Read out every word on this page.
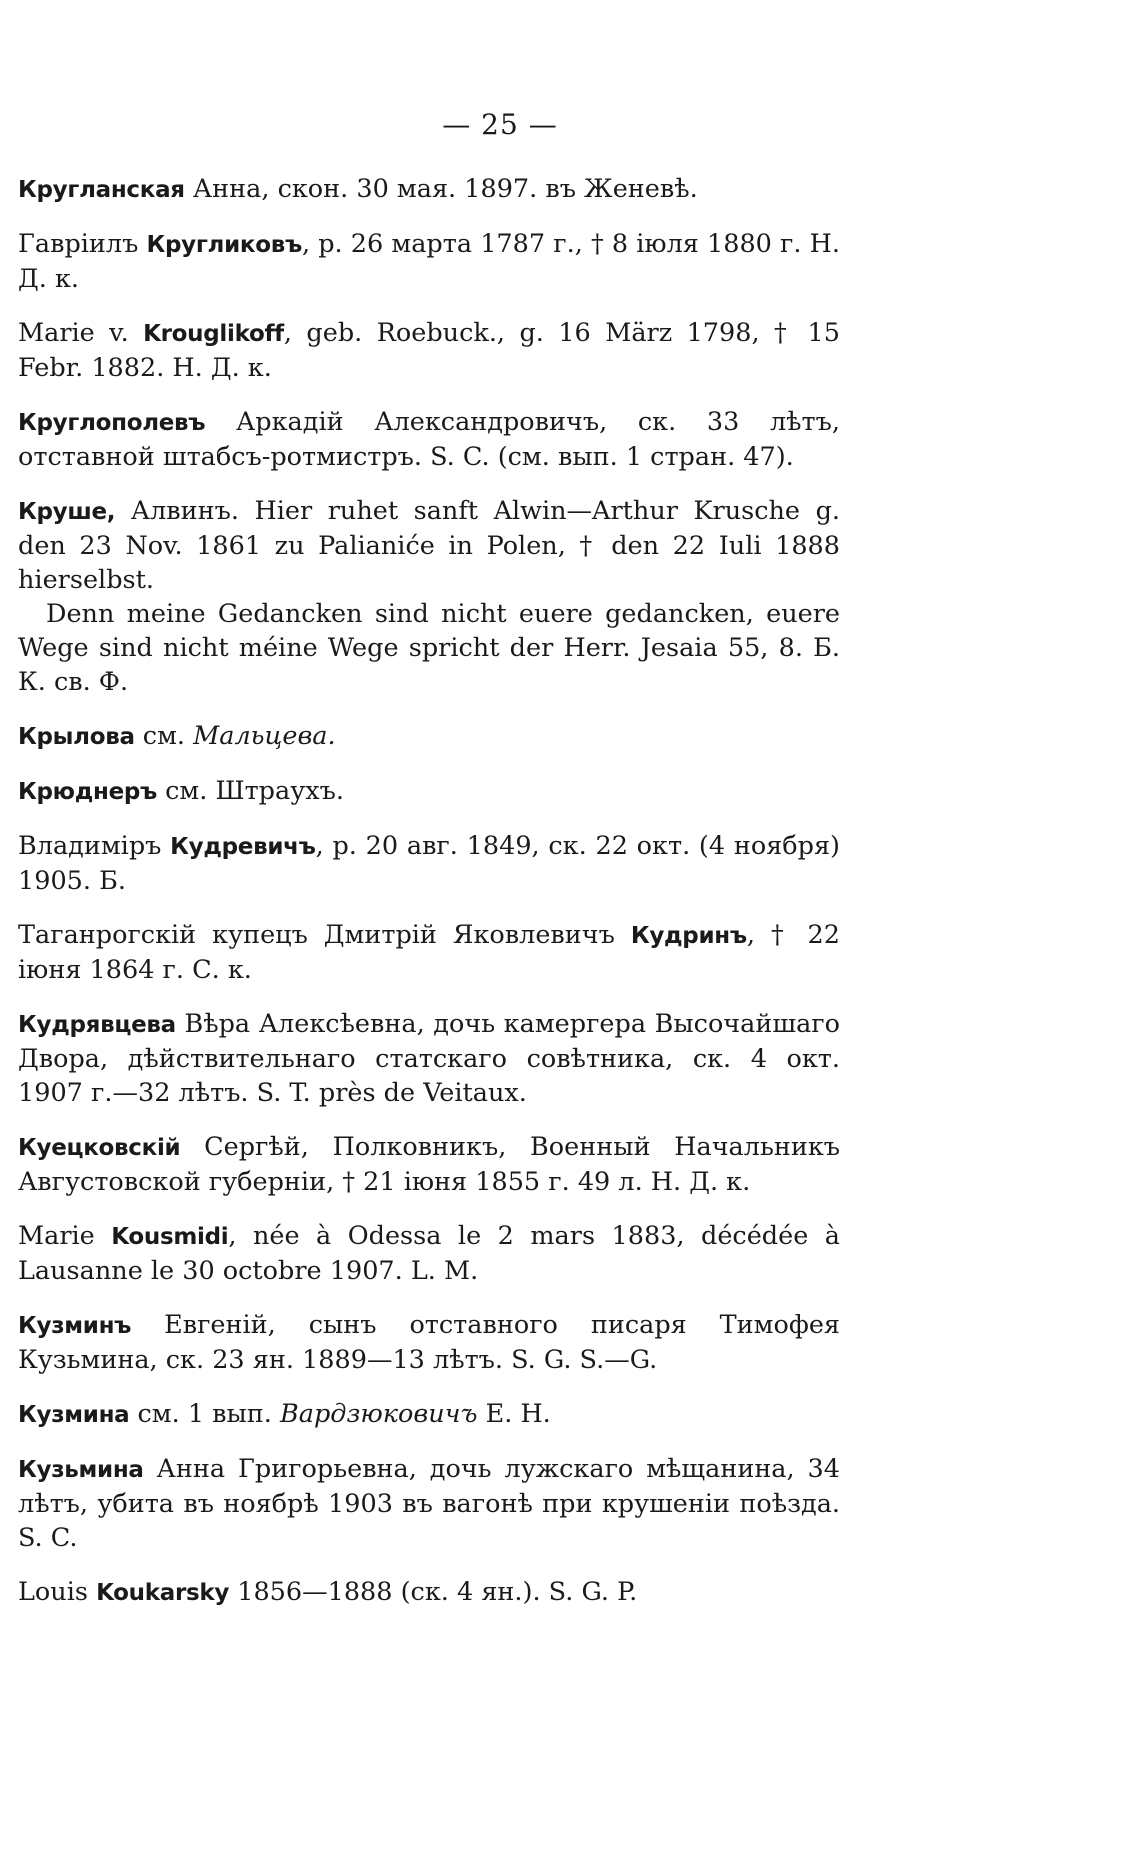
— 25 —

Кругланская Анна, скон. 30 мая. 1897. въ Женевѣ.

Гаврiилъ Кругликовъ, р. 26 марта 1787 г., † 8 iюля 1880 г. Н. Д. к.

Marie v. Krouglikoff, geb. Roebuck., g. 16 März 1798, † 15 Febr. 1882. Н. Д. к.

Круглополевъ Аркадiй Александровичъ, ск. 33 лѣтъ, отставной штабсъ-ротмистръ. S. C. (см. вып. 1 стран. 47).

Круше, Алвинъ. Hier ruhet sanft Alwin—Arthur Krusche g. den 23 Nov. 1861 zu Palianiće in Polen, † den 22 Iuli 1888 hierselbst.

Denn meine Gedancken sind nicht euere gedancken, euere Wege sind nicht méine Wege spricht der Herr. Jesaia 55, 8. Б. К. св. Ф.

Крылова см. Мальцева.

Крюднеръ см. Штраухъ.

Владимiръ Кудревичъ, р. 20 авг. 1849, ск. 22 окт. (4 ноября) 1905. Б.

Таганрогскiй купецъ Дмитрiй Яковлевичъ Кудринъ, † 22 iюня 1864 г. С. к.

Кудрявцева Вѣра Алексѣевна, дочь камергера Высочайшаго Двора, дѣйствительнаго статскаго совѣтника, ск. 4 окт. 1907 г.—32 лѣтъ. S. T. près de Veitaux.

Куецковскiй Сергѣй, Полковникъ, Военный Начальникъ Августовской губернiи, † 21 iюня 1855 г. 49 л. Н. Д. к.

Marie Kousmidi, née à Odessa le 2 mars 1883, décédée à Lausanne le 30 octobre 1907. L. M.

Кузминъ Евгенiй, сынъ отставного писаря Тимофея Кузьмина, ск. 23 ян. 1889—13 лѣтъ. S. G. S.—G.

Кузмина см. 1 вып. Вардзюковичъ Е. Н.

Кузьмина Анна Григорьевна, дочь лужскаго мѣщанина, 34 лѣтъ, убита въ ноябрѣ 1903 въ вагонѣ при крушенiи поѣзда. S. C.

Louis Koukarsky 1856—1888 (ск. 4 ян.). S. G. P.
